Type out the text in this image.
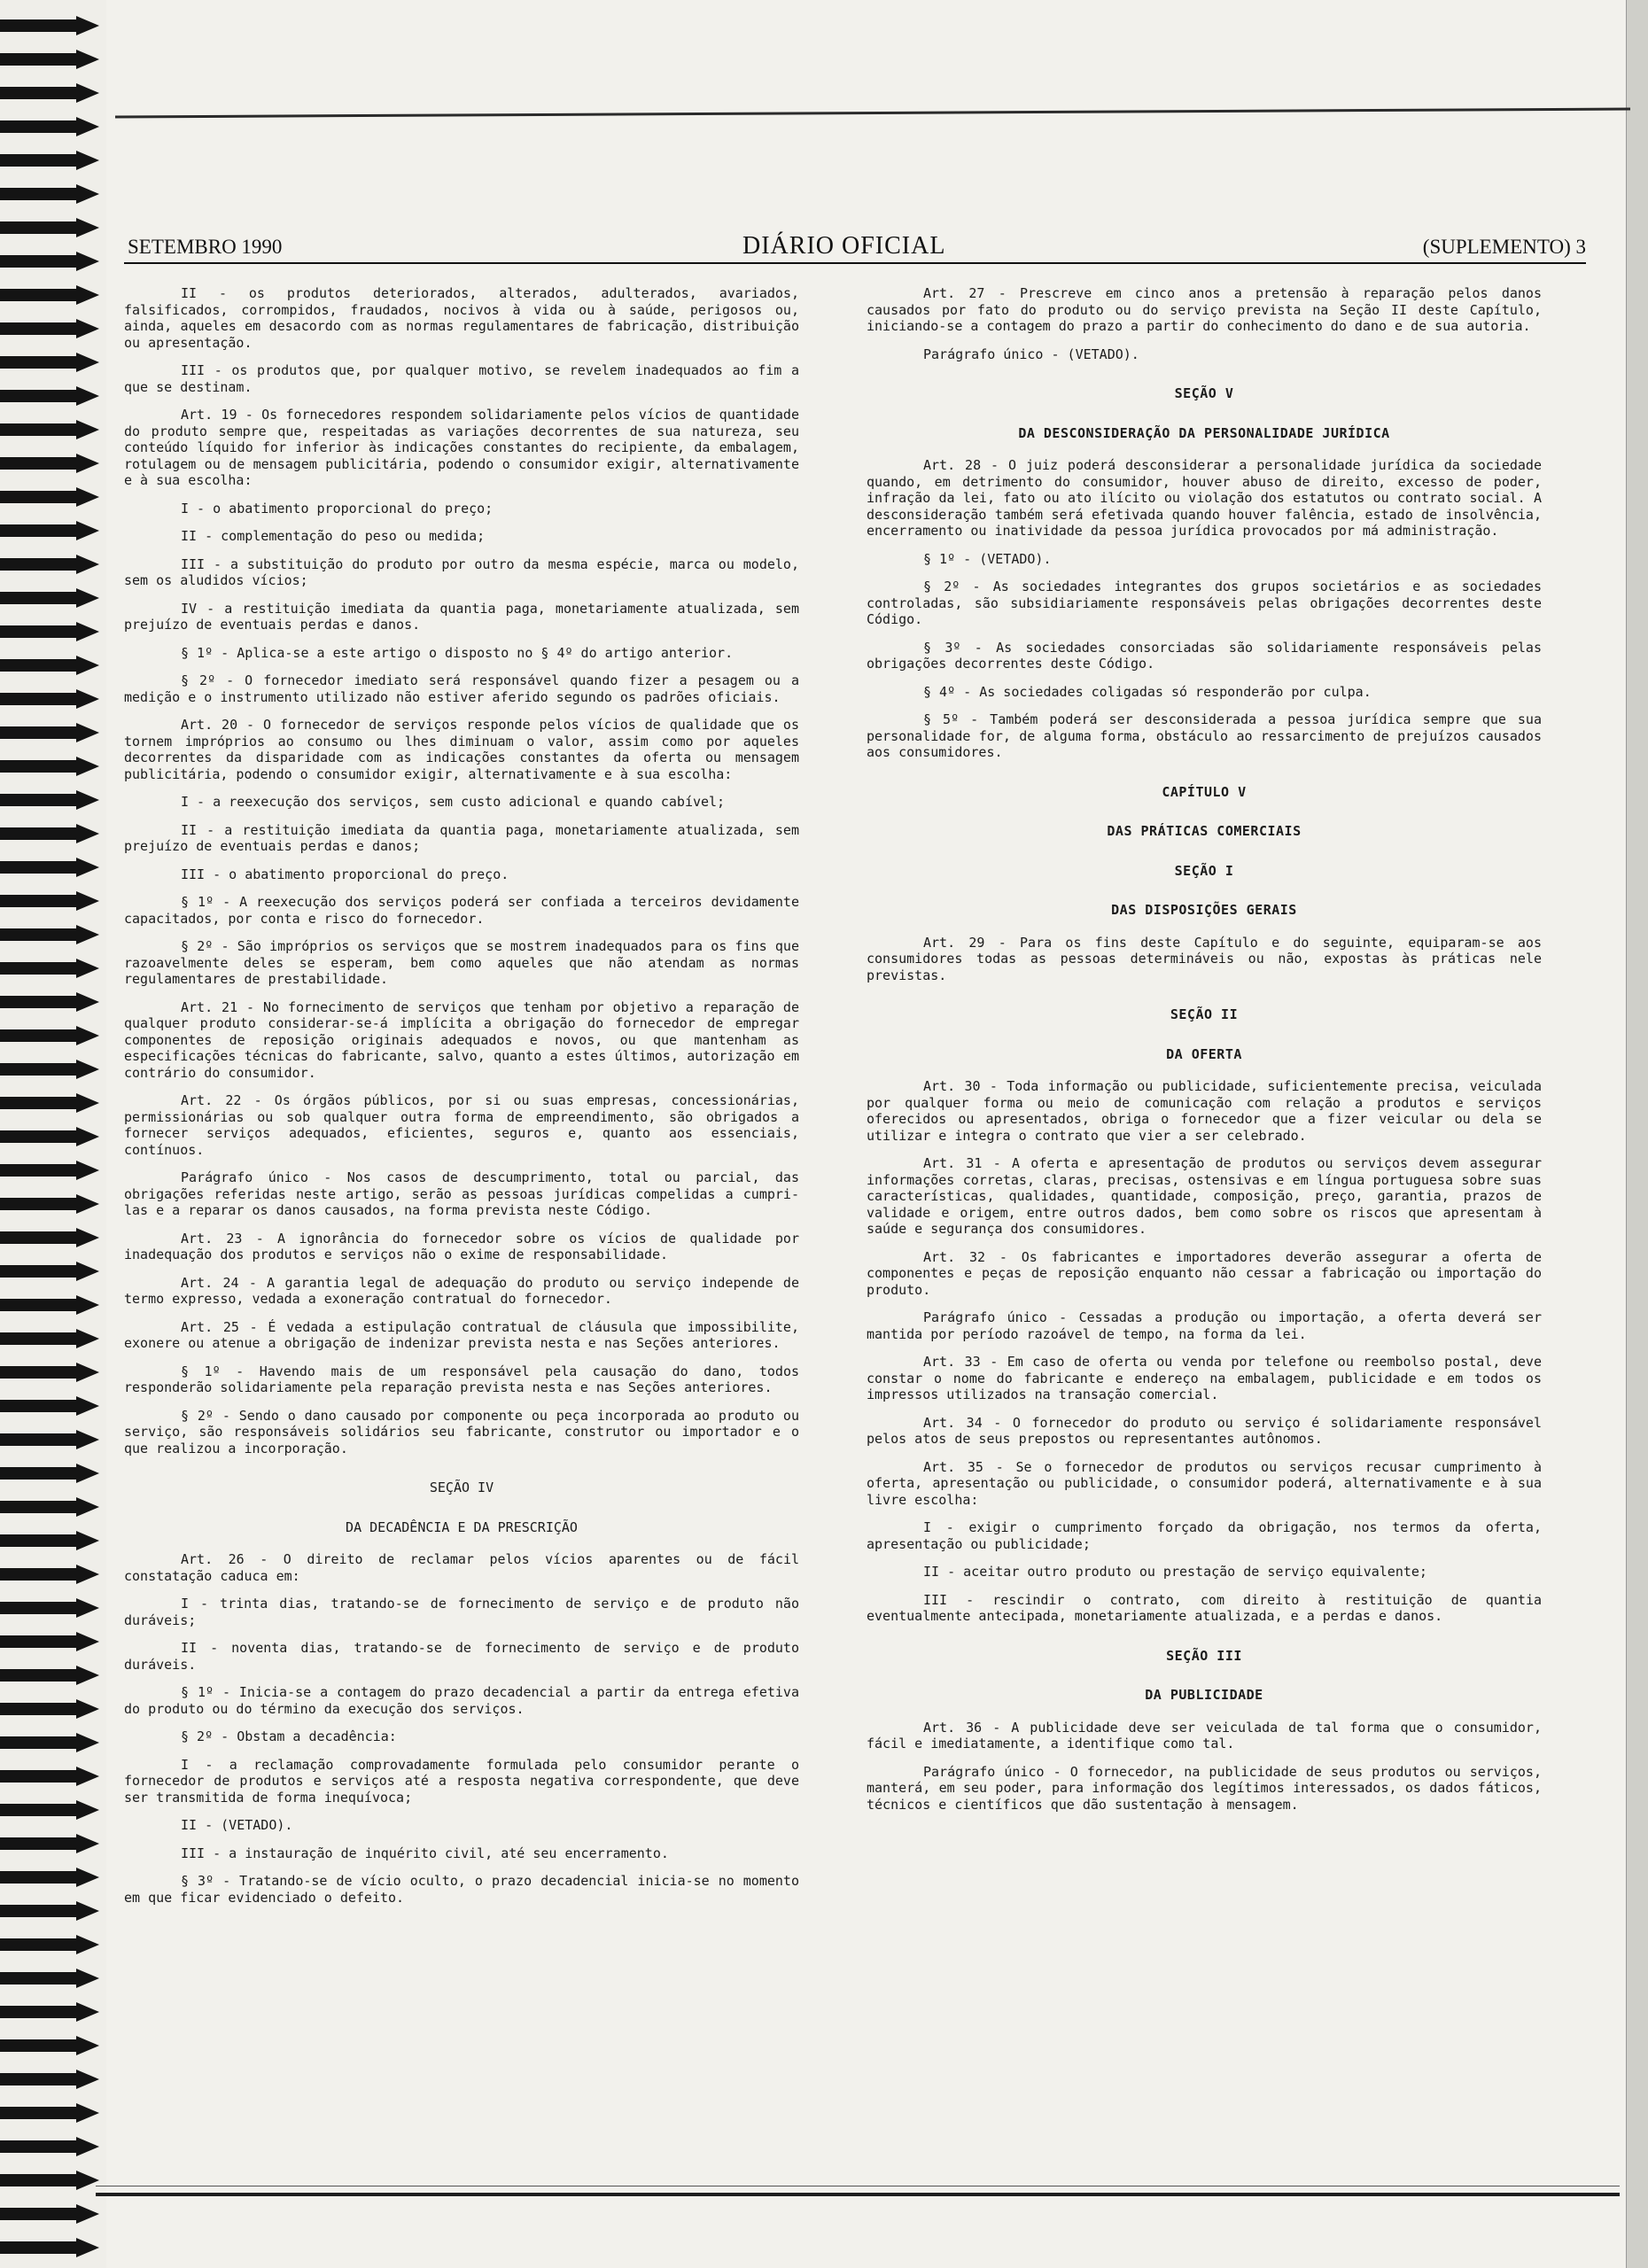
SETEMBRO 1990	DIÁRIO OFICIAL	(SUPLEMENTO) 3

II - os produtos deteriorados, alterados, adulterados, avariados, falsificados, corrompidos, fraudados, nocivos à vida ou à saúde, perigosos ou, ainda, aqueles em desacordo com as normas regulamentares de fabricação, distribuição ou apresentação.

III - os produtos que, por qualquer motivo, se revelem inadequados ao fim a que se destinam.

Art. 19 - Os fornecedores respondem solidariamente pelos vícios de quantidade do produto sempre que, respeitadas as variações decorrentes de sua natureza, seu conteúdo líquido for inferior às indicações constantes do recipiente, da embalagem, rotulagem ou de mensagem publicitária, podendo o consumidor exigir, alternativamente e à sua escolha:

I - o abatimento proporcional do preço;

II - complementação do peso ou medida;

III - a substituição do produto por outro da mesma espécie, marca ou modelo, sem os aludidos vícios;

IV - a restituição imediata da quantia paga, monetariamente atualizada, sem prejuízo de eventuais perdas e danos.

§ 1º - Aplica-se a este artigo o disposto no § 4º do artigo anterior.

§ 2º - O fornecedor imediato será responsável quando fizer a pesagem ou a medição e o instrumento utilizado não estiver aferido segundo os padrões oficiais.

Art. 20 - O fornecedor de serviços responde pelos vícios de qualidade que os tornem impróprios ao consumo ou lhes diminuam o valor, assim como por aqueles decorrentes da disparidade com as indicações constantes da oferta ou mensagem publicitária, podendo o consumidor exigir, alternativamente e à sua escolha:

I - a reexecução dos serviços, sem custo adicional e quando cabível;

II - a restituição imediata da quantia paga, monetariamente atualizada, sem prejuízo de eventuais perdas e danos;

III - o abatimento proporcional do preço.

§ 1º - A reexecução dos serviços poderá ser confiada a terceiros devidamente capacitados, por conta e risco do fornecedor.

§ 2º - São impróprios os serviços que se mostrem inadequados para os fins que razoavelmente deles se esperam, bem como aqueles que não atendam as normas regulamentares de prestabilidade.

Art. 21 - No fornecimento de serviços que tenham por objetivo a reparação de qualquer produto considerar-se-á implícita a obrigação do fornecedor de empregar componentes de reposição originais adequados e novos, ou que mantenham as especificações técnicas do fabricante, salvo, quanto a estes últimos, autorização em contrário do consumidor.

Art. 22 - Os órgãos públicos, por si ou suas empresas, concessionárias, permissionárias ou sob qualquer outra forma de empreendimento, são obrigados a fornecer serviços adequados, eficientes, seguros e, quanto aos essenciais, contínuos.

Parágrafo único - Nos casos de descumprimento, total ou parcial, das obrigações referidas neste artigo, serão as pessoas jurídicas compelidas a cumpri-las e a reparar os danos causados, na forma prevista neste Código.

Art. 23 - A ignorância do fornecedor sobre os vícios de qualidade por inadequação dos produtos e serviços não o exime de responsabilidade.

Art. 24 - A garantia legal de adequação do produto ou serviço independe de termo expresso, vedada a exoneração contratual do fornecedor.

Art. 25 - É vedada a estipulação contratual de cláusula que impossibilite, exonere ou atenue a obrigação de indenizar prevista nesta e nas Seções anteriores.

§ 1º - Havendo mais de um responsável pela causação do dano, todos responderão solidariamente pela reparação prevista nesta e nas Seções anteriores.

§ 2º - Sendo o dano causado por componente ou peça incorporada ao produto ou serviço, são responsáveis solidários seu fabricante, construtor ou importador e o que realizou a incorporação.

SEÇÃO IV
DA DECADÊNCIA E DA PRESCRIÇÃO

Art. 26 - O direito de reclamar pelos vícios aparentes ou de fácil constatação caduca em:

I - trinta dias, tratando-se de fornecimento de serviço e de produto não duráveis;

II - noventa dias, tratando-se de fornecimento de serviço e de produto duráveis.

§ 1º - Inicia-se a contagem do prazo decadencial a partir da entrega efetiva do produto ou do término da execução dos serviços.

§ 2º - Obstam a decadência:

I - a reclamação comprovadamente formulada pelo consumidor perante o fornecedor de produtos e serviços até a resposta negativa correspondente, que deve ser transmitida de forma inequívoca;

II - (VETADO).

III - a instauração de inquérito civil, até seu encerramento.

§ 3º - Tratando-se de vício oculto, o prazo decadencial inicia-se no momento em que ficar evidenciado o defeito.

Art. 27 - Prescreve em cinco anos a pretensão à reparação pelos danos causados por fato do produto ou do serviço prevista na Seção II deste Capítulo, iniciando-se a contagem do prazo a partir do conhecimento do dano e de sua autoria.

Parágrafo único - (VETADO).

SEÇÃO V
DA DESCONSIDERAÇÃO DA PERSONALIDADE JURÍDICA

Art. 28 - O juiz poderá desconsiderar a personalidade jurídica da sociedade quando, em detrimento do consumidor, houver abuso de direito, excesso de poder, infração da lei, fato ou ato ilícito ou violação dos estatutos ou contrato social. A desconsideração também será efetivada quando houver falência, estado de insolvência, encerramento ou inatividade da pessoa jurídica provocados por má administração.

§ 1º - (VETADO).

§ 2º - As sociedades integrantes dos grupos societários e as sociedades controladas, são subsidiariamente responsáveis pelas obrigações decorrentes deste Código.

§ 3º - As sociedades consorciadas são solidariamente responsáveis pelas obrigações decorrentes deste Código.

§ 4º - As sociedades coligadas só responderão por culpa.

§ 5º - Também poderá ser desconsiderada a pessoa jurídica sempre que sua personalidade for, de alguma forma, obstáculo ao ressarcimento de prejuízos causados aos consumidores.

CAPÍTULO V
DAS PRÁTICAS COMERCIAIS
SEÇÃO I
DAS DISPOSIÇÕES GERAIS

Art. 29 - Para os fins deste Capítulo e do seguinte, equiparam-se aos consumidores todas as pessoas determináveis ou não, expostas às práticas nele previstas.

SEÇÃO II
DA OFERTA

Art. 30 - Toda informação ou publicidade, suficientemente precisa, veiculada por qualquer forma ou meio de comunicação com relação a produtos e serviços oferecidos ou apresentados, obriga o fornecedor que a fizer veicular ou dela se utilizar e integra o contrato que vier a ser celebrado.

Art. 31 - A oferta e apresentação de produtos ou serviços devem assegurar informações corretas, claras, precisas, ostensivas e em língua portuguesa sobre suas características, qualidades, quantidade, composição, preço, garantia, prazos de validade e origem, entre outros dados, bem como sobre os riscos que apresentam à saúde e segurança dos consumidores.

Art. 32 - Os fabricantes e importadores deverão assegurar a oferta de componentes e peças de reposição enquanto não cessar a fabricação ou importação do produto.

Parágrafo único - Cessadas a produção ou importação, a oferta deverá ser mantida por período razoável de tempo, na forma da lei.

Art. 33 - Em caso de oferta ou venda por telefone ou reembolso postal, deve constar o nome do fabricante e endereço na embalagem, publicidade e em todos os impressos utilizados na transação comercial.

Art. 34 - O fornecedor do produto ou serviço é solidariamente responsável pelos atos de seus prepostos ou representantes autônomos.

Art. 35 - Se o fornecedor de produtos ou serviços recusar cumprimento à oferta, apresentação ou publicidade, o consumidor poderá, alternativamente e à sua livre escolha:

I - exigir o cumprimento forçado da obrigação, nos termos da oferta, apresentação ou publicidade;

II - aceitar outro produto ou prestação de serviço equivalente;

III - rescindir o contrato, com direito à restituição de quantia eventualmente antecipada, monetariamente atualizada, e a perdas e danos.

SEÇÃO III
DA PUBLICIDADE

Art. 36 - A publicidade deve ser veiculada de tal forma que o consumidor, fácil e imediatamente, a identifique como tal.

Parágrafo único - O fornecedor, na publicidade de seus produtos ou serviços, manterá, em seu poder, para informação dos legítimos interessados, os dados fáticos, técnicos e científicos que dão sustentação à mensagem.
